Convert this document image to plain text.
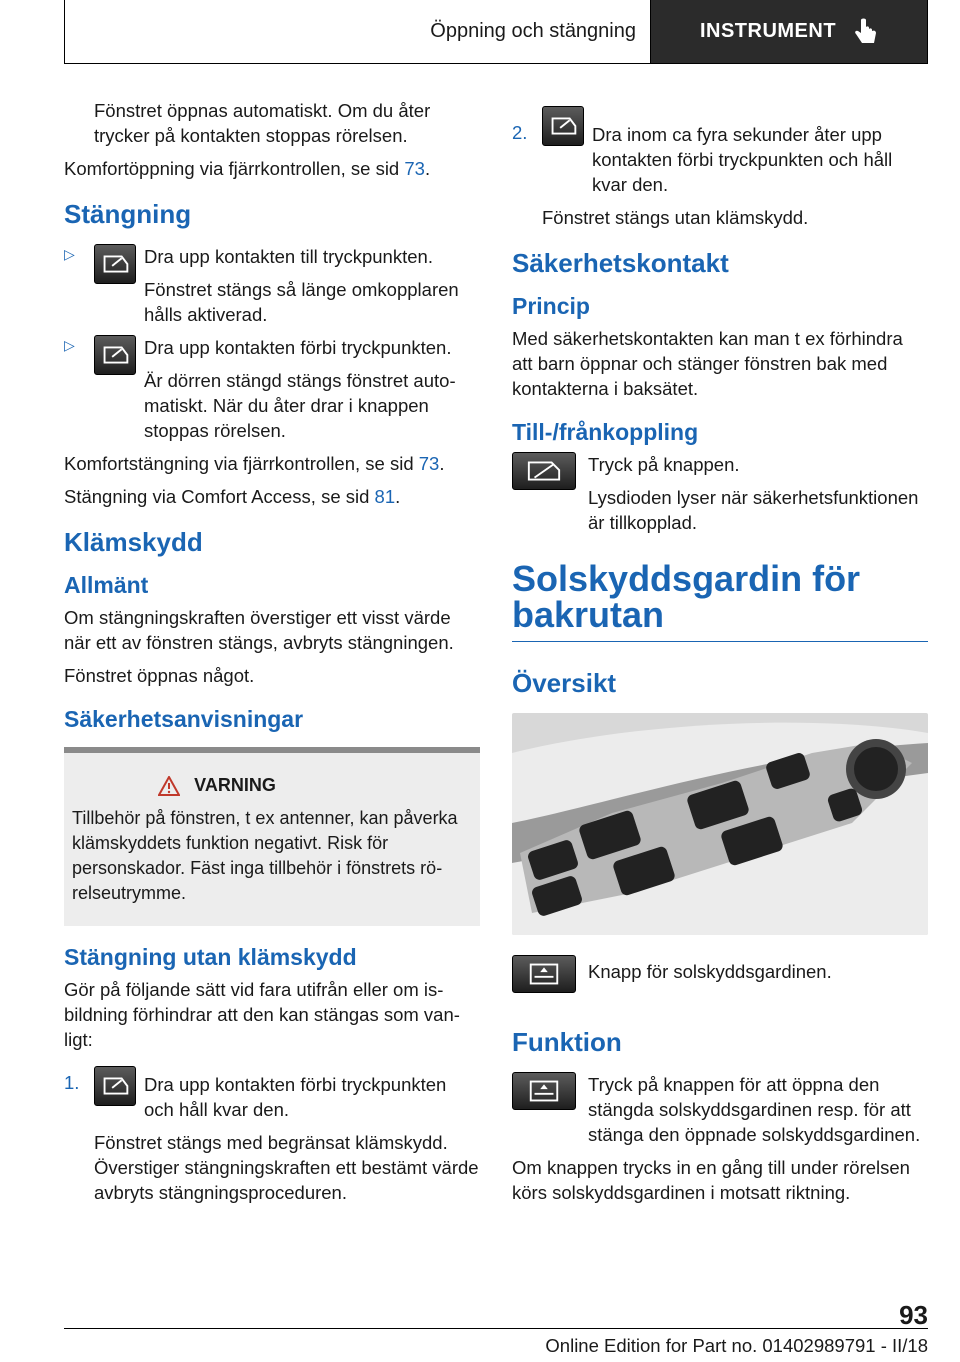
Öppning och stängning	INSTRUMENT

Fönstret öppnas automatiskt. Om du åter trycker på kontakten stoppas rörelsen.

Komfortöppning via fjärrkontrollen, se sid 73.

Stängning
▷	Dra upp kontakten till tryckpunkten.

Fönstret stängs så länge omkopplaren hålls aktiverad.

▷	Dra upp kontakten förbi tryckpunkten.

Är dörren stängd stängs fönstret automatiskt. När du åter drar i knappen stoppas rörelsen.

Komfortstängning via fjärrkontrollen, se sid 73.

Stängning via Comfort Access, se sid 81.

Klämskydd
Allmänt

Om stängningskraften överstiger ett visst värde när ett av fönstren stängs, avbryts stängningen.

Fönstret öppnas något.

Säkerhetsanvisningar
VARNING

Tillbehör på fönstren, t ex antenner, kan påverka klämskyddets funktion negativt. Risk för personskador. Fäst inga tillbehör i fönstrets rörelseutrymme.

Stängning utan klämskydd

Gör på följande sätt vid fara utifrån eller om isbildning förhindrar att den kan stängas som vanligt:

1.	Dra upp kontakten förbi tryckpunkten och håll kvar den.

Fönstret stängs med begränsat klämskydd. Överstiger stängningskraften ett bestämt värde avbryts stängningsproceduren.

2.	Dra inom ca fyra sekunder åter upp kontakten förbi tryckpunkten och håll kvar den.

Fönstret stängs utan klämskydd.

Säkerhetskontakt
Princip

Med säkerhetskontakten kan man t ex förhindra att barn öppnar och stänger fönstren bak med kontakterna i baksätet.

Till-/frånkoppling

Tryck på knappen.

Lysdioden lyser när säkerhetsfunktionen är tillkopplad.

Solskyddsgardin för bakrutan
Översikt

Knapp för solskyddsgardinen.

Funktion

Tryck på knappen för att öppna den stängda solskyddsgardinen resp. för att stänga den öppnade solskyddsgardinen.

Om knappen trycks in en gång till under rörelsen körs solskyddsgardinen i motsatt riktning.

93
Online Edition for Part no. 01402989791 - II/18
